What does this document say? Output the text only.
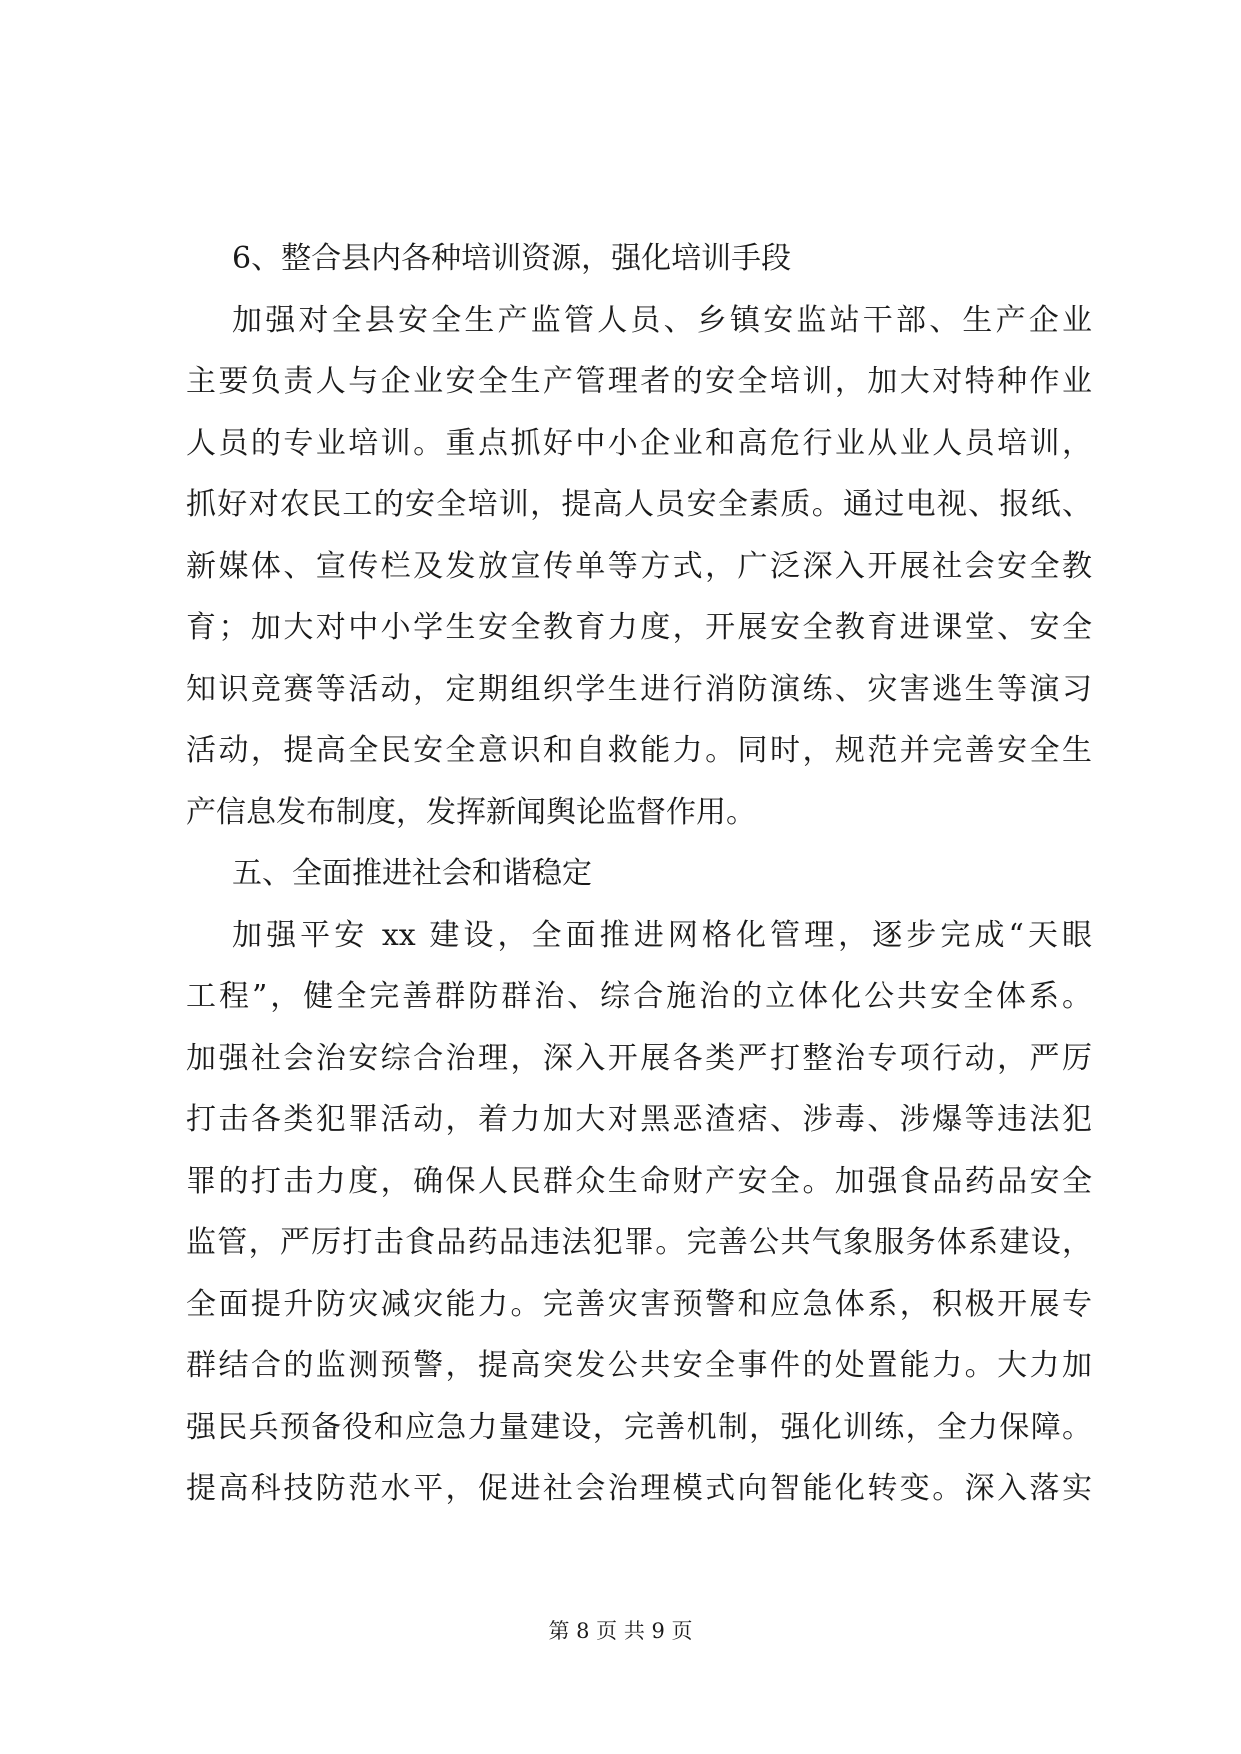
6、整合县内各种培训资源，强化培训手段
加强对全县安全生产监管人员、乡镇安监站干部、生产企业
主要负责人与企业安全生产管理者的安全培训，加大对特种作业
人员的专业培训。重点抓好中小企业和高危行业从业人员培训，
抓好对农民工的安全培训，提高人员安全素质。通过电视、报纸、
新媒体、宣传栏及发放宣传单等方式，广泛深入开展社会安全教
育；加大对中小学生安全教育力度，开展安全教育进课堂、安全
知识竞赛等活动，定期组织学生进行消防演练、灾害逃生等演习
活动，提高全民安全意识和自救能力。同时，规范并完善安全生
产信息发布制度，发挥新闻舆论监督作用。
五、全面推进社会和谐稳定
加强平安 xx 建设，全面推进网格化管理，逐步完成“天眼
工程”，健全完善群防群治、综合施治的立体化公共安全体系。
加强社会治安综合治理，深入开展各类严打整治专项行动，严厉
打击各类犯罪活动，着力加大对黑恶渣痞、涉毒、涉爆等违法犯
罪的打击力度，确保人民群众生命财产安全。加强食品药品安全
监管，严厉打击食品药品违法犯罪。完善公共气象服务体系建设，
全面提升防灾减灾能力。完善灾害预警和应急体系，积极开展专
群结合的监测预警，提高突发公共安全事件的处置能力。大力加
强民兵预备役和应急力量建设，完善机制，强化训练，全力保障。
提高科技防范水平，促进社会治理模式向智能化转变。深入落实
第 8 页 共 9 页
